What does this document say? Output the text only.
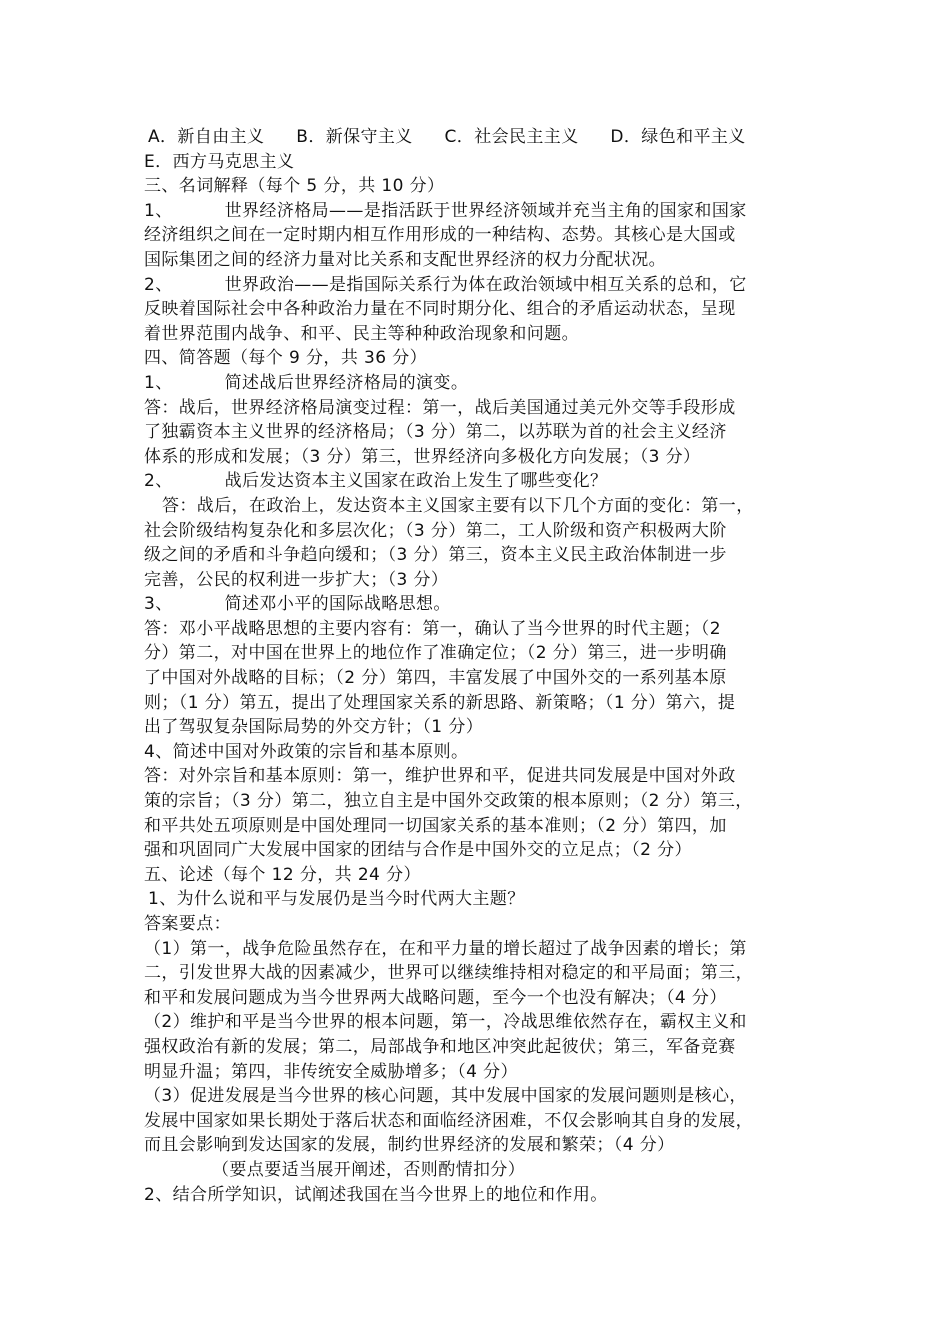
A．新自由主义 B．新保守主义 C．社会民主主义 D．绿色和平主义
E．西方马克思主义
三、名词解释（每个 5 分，共 10 分）
1、	世界经济格局——是指活跃于世界经济领域并充当主角的国家和国家
经济组织之间在一定时期内相互作用形成的一种结构、态势。其核心是大国或
国际集团之间的经济力量对比关系和支配世界经济的权力分配状况。
2、	世界政治——是指国际关系行为体在政治领域中相互关系的总和，它
反映着国际社会中各种政治力量在不同时期分化、组合的矛盾运动状态，呈现
着世界范围内战争、和平、民主等种种政治现象和问题。
四、简答题（每个 9 分，共 36 分）
1、	简述战后世界经济格局的演变。
答：战后，世界经济格局演变过程：第一，战后美国通过美元外交等手段形成
了独霸资本主义世界的经济格局；（3 分）第二，以苏联为首的社会主义经济
体系的形成和发展；（3 分）第三，世界经济向多极化方向发展；（3 分）
2、	战后发达资本主义国家在政治上发生了哪些变化？
答：战后，在政治上，发达资本主义国家主要有以下几个方面的变化：第一，
社会阶级结构复杂化和多层次化；（3 分）第二，工人阶级和资产积极两大阶
级之间的矛盾和斗争趋向缓和；（3 分）第三，资本主义民主政治体制进一步
完善，公民的权利进一步扩大；（3 分）
3、	简述邓小平的国际战略思想。
答：邓小平战略思想的主要内容有：第一，确认了当今世界的时代主题；（2
分）第二，对中国在世界上的地位作了准确定位；（2 分）第三，进一步明确
了中国对外战略的目标；（2 分）第四，丰富发展了中国外交的一系列基本原
则；（1 分）第五，提出了处理国家关系的新思路、新策略；（1 分）第六，提
出了驾驭复杂国际局势的外交方针；（1 分）
4、简述中国对外政策的宗旨和基本原则。
答：对外宗旨和基本原则：第一，维护世界和平，促进共同发展是中国对外政
策的宗旨；（3 分）第二，独立自主是中国外交政策的根本原则；（2 分）第三，
和平共处五项原则是中国处理同一切国家关系的基本准则；（2 分）第四，加
强和巩固同广大发展中国家的团结与合作是中国外交的立足点；（2 分）
五、论述（每个 12 分，共 24 分）
1、为什么说和平与发展仍是当今时代两大主题？
答案要点：
（1）第一，战争危险虽然存在，在和平力量的增长超过了战争因素的增长；第
二，引发世界大战的因素减少，世界可以继续维持相对稳定的和平局面；第三，
和平和发展问题成为当今世界两大战略问题，至今一个也没有解决；（4 分）
（2）维护和平是当今世界的根本问题，第一，冷战思维依然存在，霸权主义和
强权政治有新的发展；第二，局部战争和地区冲突此起彼伏；第三，军备竞赛
明显升温；第四，非传统安全威胁增多；（4 分）
（3）促进发展是当今世界的核心问题，其中发展中国家的发展问题则是核心，
发展中国家如果长期处于落后状态和面临经济困难，不仅会影响其自身的发展，
而且会影响到发达国家的发展，制约世界经济的发展和繁荣；（4 分）
（要点要适当展开阐述，否则酌情扣分）
2、结合所学知识，试阐述我国在当今世界上的地位和作用。
